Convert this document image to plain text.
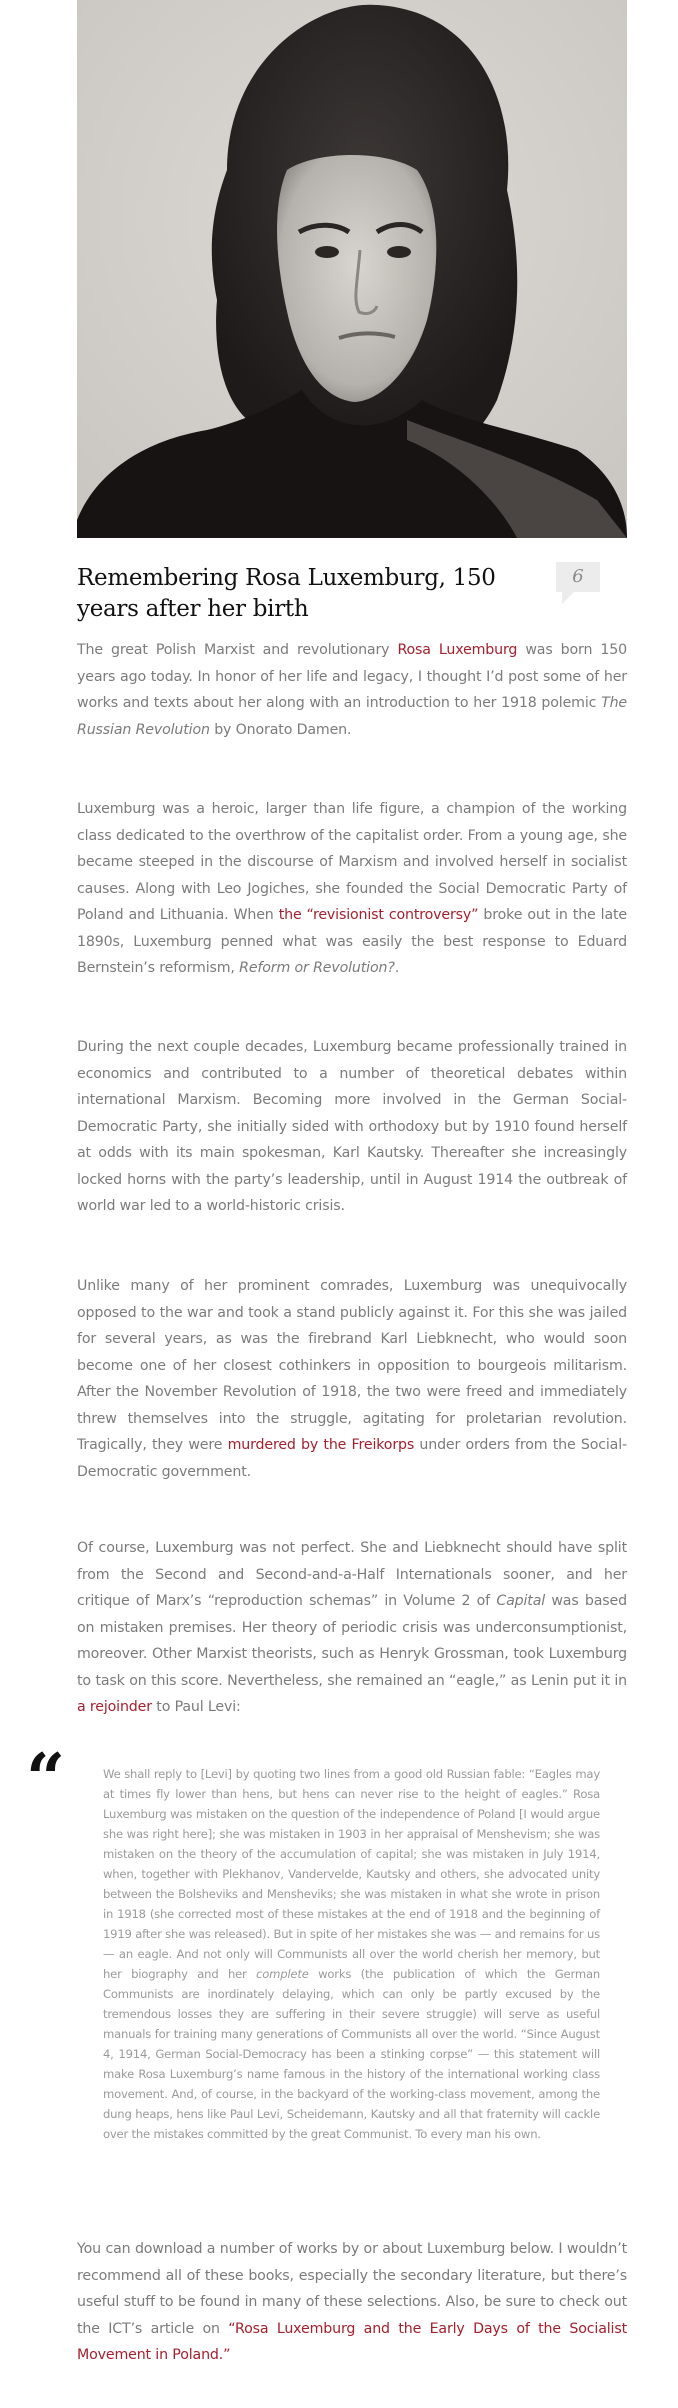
Remembering Rosa Luxemburg, 150 years after her birth
6

The great Polish Marxist and revolutionary Rosa Luxemburg was born 150 years ago today. In honor of her life and legacy, I thought I’d post some of her works and texts about her along with an introduction to her 1918 polemic The Russian Revolution by Onorato Damen.

Luxemburg was a heroic, larger than life figure, a champion of the working class dedicated to the overthrow of the capitalist order. From a young age, she became steeped in the discourse of Marxism and involved herself in socialist causes. Along with Leo Jogiches, she founded the Social Democratic Party of Poland and Lithuania. When the “revisionist controversy” broke out in the late 1890s, Luxemburg penned what was easily the best response to Eduard Bernstein’s reformism, Reform or Revolution?.

During the next couple decades, Luxemburg became professionally trained in economics and contributed to a number of theoretical debates within international Marxism. Becoming more involved in the German Social-Democratic Party, she initially sided with orthodoxy but by 1910 found herself at odds with its main spokesman, Karl Kautsky. Thereafter she increasingly locked horns with the party’s leadership, until in August 1914 the outbreak of world war led to a world-historic crisis.

Unlike many of her prominent comrades, Luxemburg was unequivocally opposed to the war and took a stand publicly against it. For this she was jailed for several years, as was the firebrand Karl Liebknecht, who would soon become one of her closest cothinkers in opposition to bourgeois militarism. After the November Revolution of 1918, the two were freed and immediately threw themselves into the struggle, agitating for proletarian revolution. Tragically, they were murdered by the Freikorps under orders from the Social-Democratic government.

Of course, Luxemburg was not perfect. She and Liebknecht should have split from the Second and Second-and-a-Half Internationals sooner, and her critique of Marx’s “reproduction schemas” in Volume 2 of Capital was based on mistaken premises. Her theory of periodic crisis was underconsumptionist, moreover. Other Marxist theorists, such as Henryk Grossman, took Luxemburg to task on this score. Nevertheless, she remained an “eagle,” as Lenin put it in a rejoinder to Paul Levi:

“	We shall reply to [Levi] by quoting two lines from a good old Russian fable: “Eagles may at times fly lower than hens, but hens can never rise to the height of eagles.” Rosa Luxemburg was mistaken on the question of the independence of Poland [I would argue she was right here]; she was mistaken in 1903 in her appraisal of Menshevism; she was mistaken on the theory of the accumulation of capital; she was mistaken in July 1914, when, together with Plekhanov, Vandervelde, Kautsky and others, she advocated unity between the Bolsheviks and Mensheviks; she was mistaken in what she wrote in prison in 1918 (she corrected most of these mistakes at the end of 1918 and the beginning of 1919 after she was released). But in spite of her mistakes she was — and remains for us — an eagle. And not only will Communists all over the world cherish her memory, but her biography and her complete works (the publication of which the German Communists are inordinately delaying, which can only be partly excused by the tremendous losses they are suffering in their severe struggle) will serve as useful manuals for training many generations of Communists all over the world. “Since August 4, 1914, German Social-Democracy has been a stinking corpse” — this statement will make Rosa Luxemburg’s name famous in the history of the international working class movement. And, of course, in the backyard of the working-class movement, among the dung heaps, hens like Paul Levi, Scheidemann, Kautsky and all that fraternity will cackle over the mistakes committed by the great Communist. To every man his own.

You can download a number of works by or about Luxemburg below. I wouldn’t recommend all of these books, especially the secondary literature, but there’s useful stuff to be found in many of these selections. Also, be sure to check out the ICT’s article on “Rosa Luxemburg and the Early Days of the Socialist Movement in Poland.”
